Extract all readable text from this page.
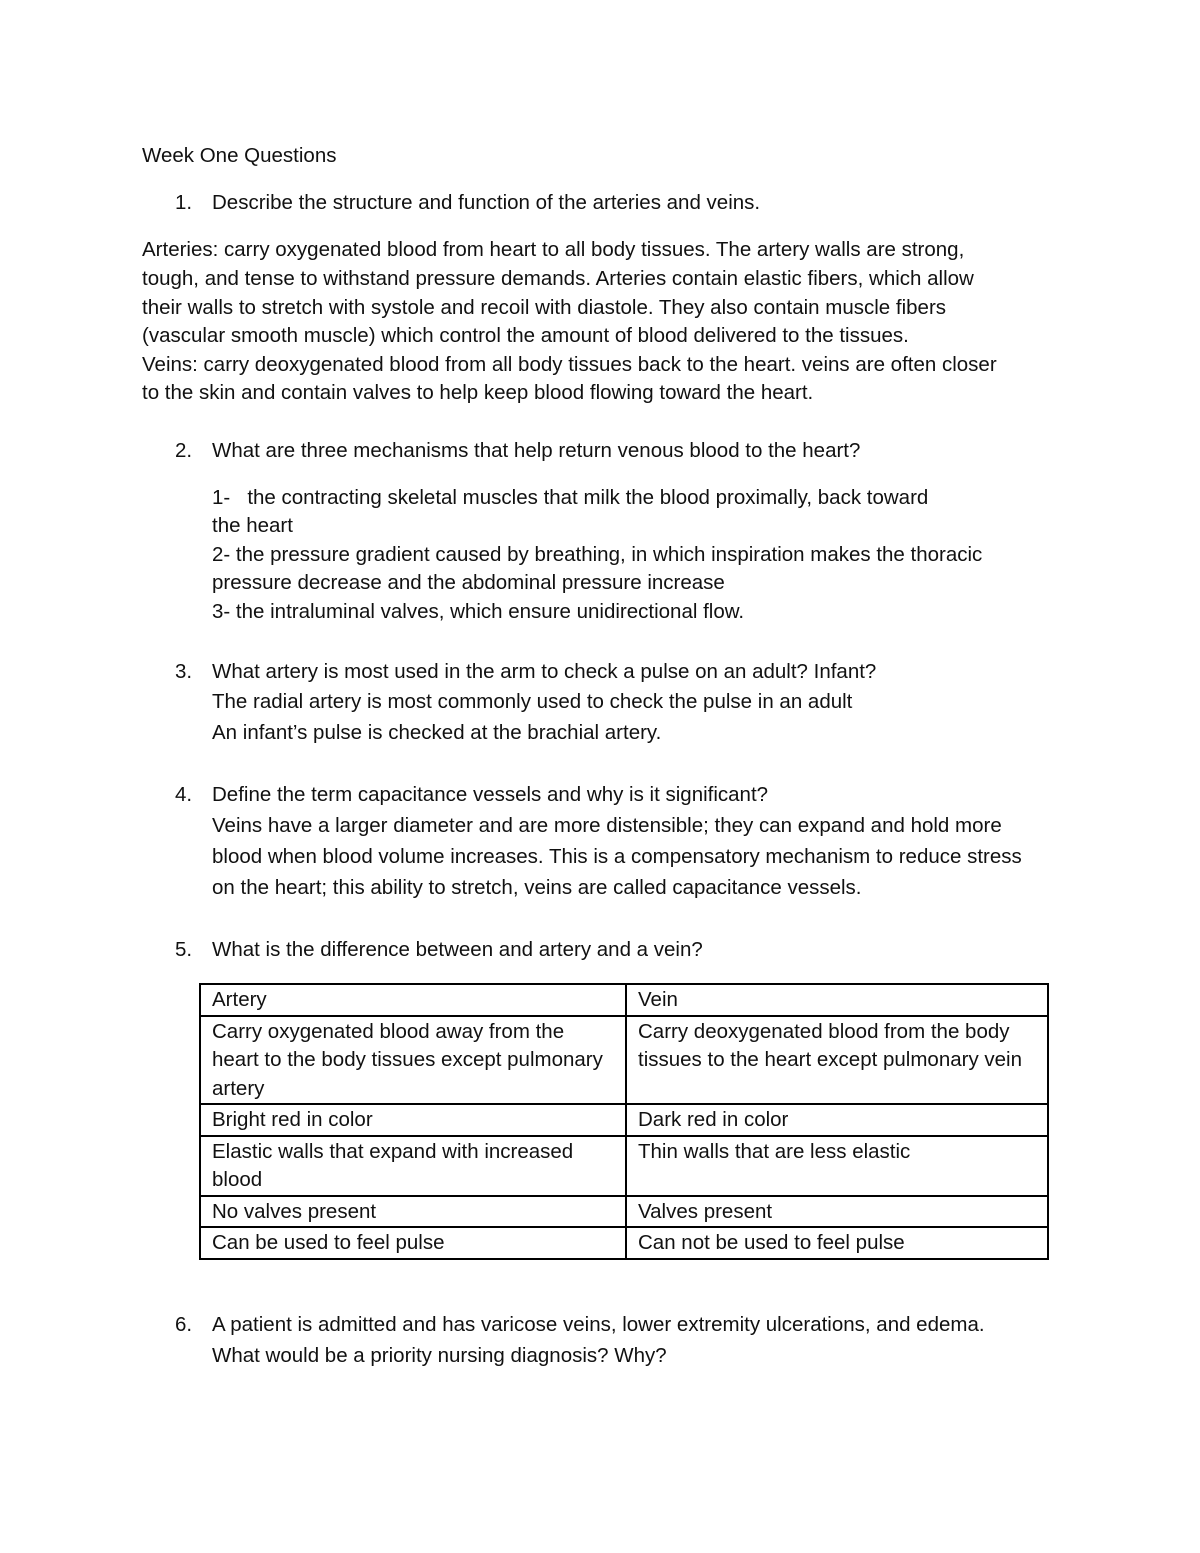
Week One Questions
1. Describe the structure and function of the arteries and veins.
Arteries: carry oxygenated blood from heart to all body tissues. The artery walls are strong,
tough, and tense to withstand pressure demands. Arteries contain elastic fibers, which allow
their walls to stretch with systole and recoil with diastole. They also contain muscle fibers
(vascular smooth muscle) which control the amount of blood delivered to the tissues.
Veins: carry deoxygenated blood from all body tissues back to the heart. veins are often closer
to the skin and contain valves to help keep blood flowing toward the heart.
2. What are three mechanisms that help return venous blood to the heart?
1-   the contracting skeletal muscles that milk the blood proximally, back toward
the heart
2- the pressure gradient caused by breathing, in which inspiration makes the thoracic
pressure decrease and the abdominal pressure increase
3- the intraluminal valves, which ensure unidirectional flow.
3. What artery is most used in the arm to check a pulse on an adult? Infant?
The radial artery is most commonly used to check the pulse in an adult
An infant’s pulse is checked at the brachial artery.
4. Define the term capacitance vessels and why is it significant?
Veins have a larger diameter and are more distensible; they can expand and hold more
blood when blood volume increases. This is a compensatory mechanism to reduce stress
on the heart; this ability to stretch, veins are called capacitance vessels.
5. What is the difference between and artery and a vein?
Artery	Vein
Carry oxygenated blood away from the heart to the body tissues except pulmonary artery	Carry deoxygenated blood from the body tissues to the heart except pulmonary vein
Bright red in color	Dark red in color
Elastic walls that expand with increased blood	Thin walls that are less elastic
No valves present	Valves present
Can be used to feel pulse	Can not be used to feel pulse
6. A patient is admitted and has varicose veins, lower extremity ulcerations, and edema.
What would be a priority nursing diagnosis? Why?
